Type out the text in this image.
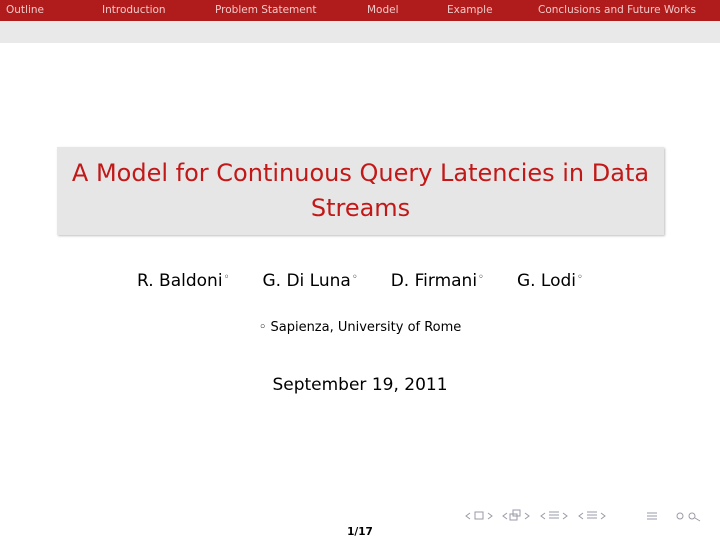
Outline	Introduction	Problem Statement	Model	Example	Conclusions and Future Works
A Model for Continuous Query Latencies in Data Streams
R. Baldoni◦ G. Di Luna◦ D. Firmani◦ G. Lodi◦
◦ Sapienza, University of Rome
September 19, 2011
1/17
